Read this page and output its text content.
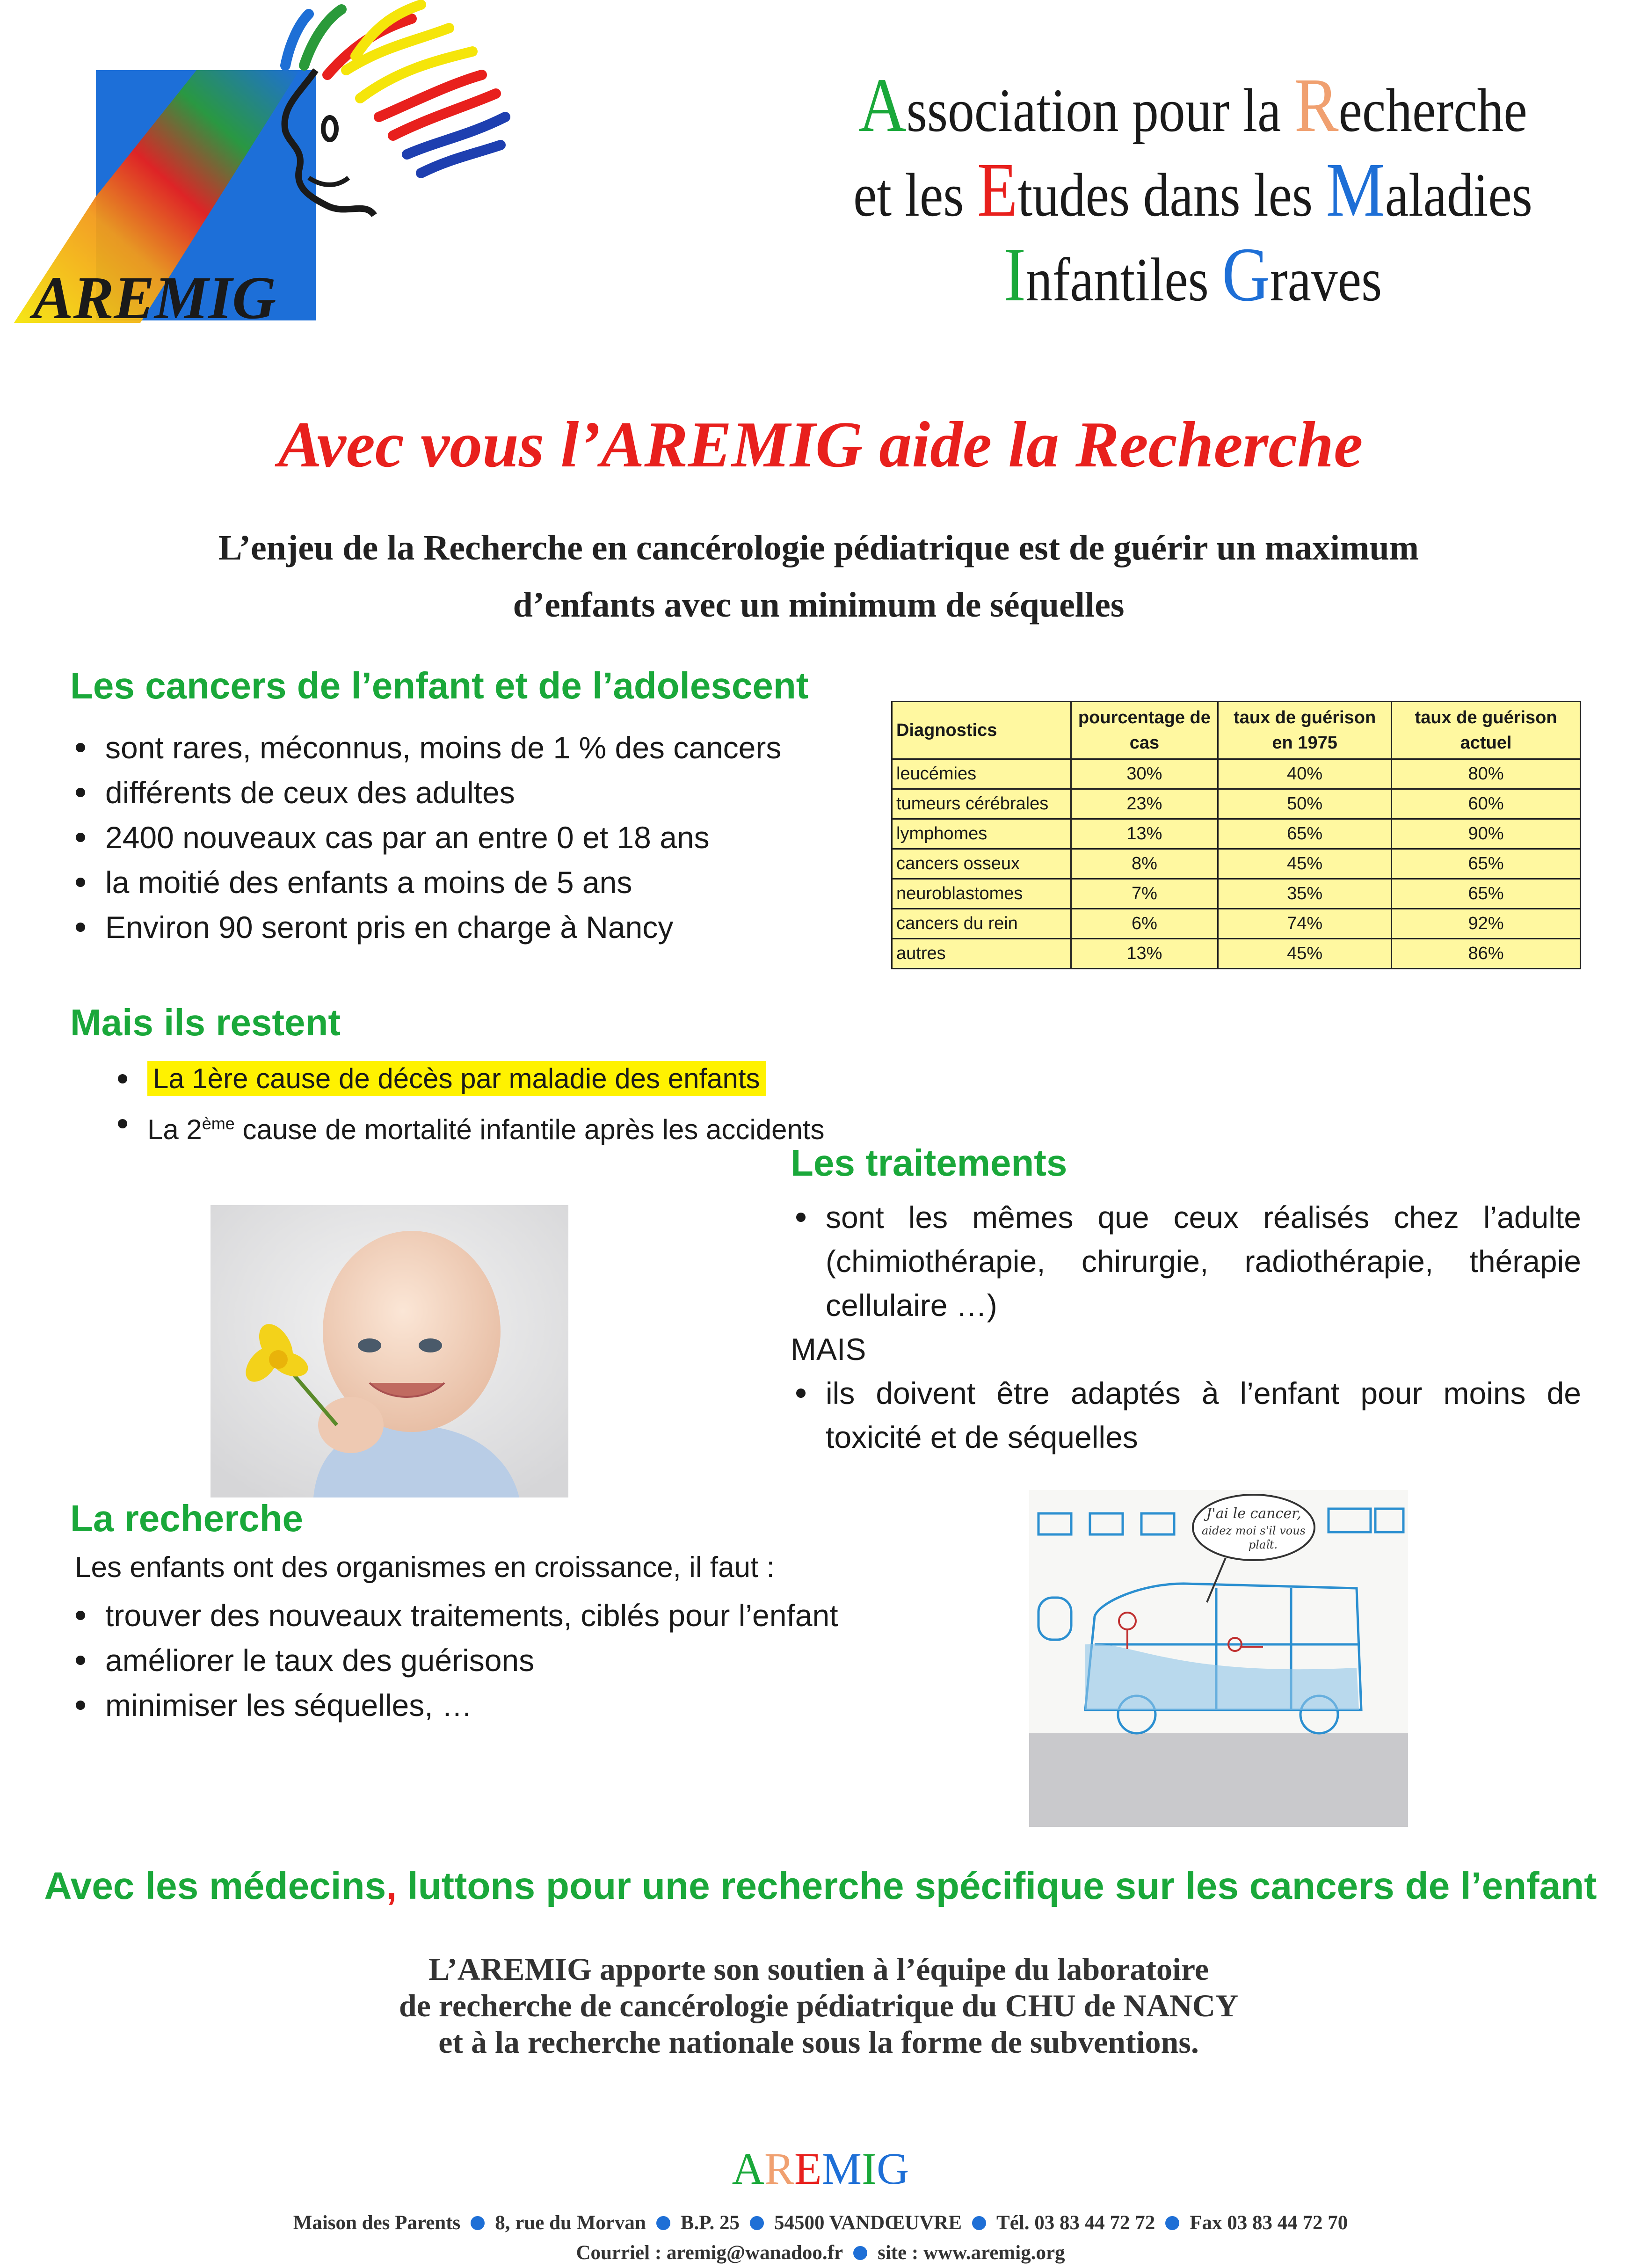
AREMIG
Association pour la Recherche
et les Etudes dans les Maladies
Infantiles Graves
Avec vous l’AREMIG aide la Recherche
L’enjeu de la Recherche en cancérologie pédiatrique est de guérir un maximum
d’enfants avec un minimum de séquelles
Les cancers de l’enfant et de l’adolescent
sont rares, méconnus, moins de 1 % des cancers
différents de ceux des adultes
2400 nouveaux cas par an entre 0 et 18 ans
la moitié des enfants a moins de 5 ans
Environ 90 seront pris en charge à Nancy
Diagnostics	pourcentage de cas	taux de guérison en 1975	taux de guérison actuel
leucémies	30%	40%	80%
tumeurs cérébrales	23%	50%	60%
lymphomes	13%	65%	90%
cancers osseux	8%	45%	65%
neuroblastomes	7%	35%	65%
cancers du rein	6%	74%	92%
autres	13%	45%	86%
Mais ils restent
La 1ère cause de décès par maladie des enfants
La 2ème cause de mortalité infantile après les accidents
Les traitements
sont les mêmes que ceux réalisés chez l’adulte (chimiothérapie, chirurgie, radiothérapie, thérapie cellulaire …)
MAIS
ils doivent être adaptés à l’enfant pour moins de toxicité et de séquelles
J'ai le cancer,
aidez moi s'il vous
plaît.
La recherche
Les enfants ont des organismes en croissance, il faut :
trouver des nouveaux traitements, ciblés pour l’enfant
améliorer le taux des guérisons
minimiser les séquelles, …
Avec les médecins, luttons pour une recherche spécifique sur les cancers de l’enfant
L’AREMIG apporte son soutien à l’équipe du laboratoire
de recherche de cancérologie pédiatrique du CHU de NANCY
et à la recherche nationale sous la forme de subventions.
AREMIG
Maison des Parents 8, rue du Morvan B.P. 25 54500 VANDŒUVRE Tél. 03 83 44 72 72 Fax 03 83 44 72 70
Courriel : aremig@wanadoo.fr site : www.aremig.org
